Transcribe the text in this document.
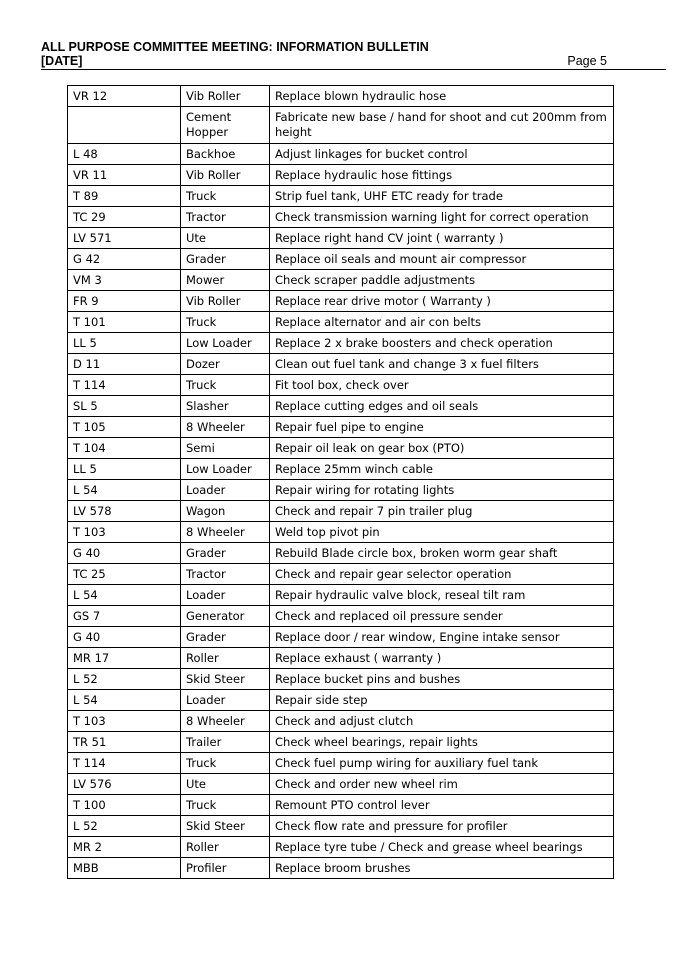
ALL PURPOSE COMMITTEE MEETING: INFORMATION BULLETIN
[DATE]	Page 5
VR 12	Vib Roller	Replace blown hydraulic hose
	Cement Hopper	Fabricate new base / hand for shoot and cut 200mm from height
L 48	Backhoe	Adjust linkages for bucket control
VR 11	Vib Roller	Replace hydraulic hose fittings
T 89	Truck	Strip fuel tank, UHF ETC ready for trade
TC 29	Tractor	Check transmission warning light for correct operation
LV 571	Ute	Replace right hand CV joint ( warranty )
G 42	Grader	Replace oil seals and mount air compressor
VM 3	Mower	Check scraper paddle adjustments
FR 9	Vib Roller	Replace rear drive motor ( Warranty )
T 101	Truck	Replace alternator and air con belts
LL 5	Low Loader	Replace 2 x brake boosters and check operation
D 11	Dozer	Clean out fuel tank and change 3 x fuel filters
T 114	Truck	Fit tool box, check over
SL 5	Slasher	Replace cutting edges and oil seals
T 105	8 Wheeler	Repair fuel pipe to engine
T 104	Semi	Repair oil leak on gear box (PTO)
LL 5	Low Loader	Replace 25mm winch cable
L 54	Loader	Repair wiring for rotating lights
LV 578	Wagon	Check and repair 7 pin trailer plug
T 103	8 Wheeler	Weld top pivot pin
G 40	Grader	Rebuild Blade circle box, broken worm gear shaft
TC 25	Tractor	Check and repair gear selector operation
L 54	Loader	Repair hydraulic valve block, reseal tilt ram
GS 7	Generator	Check and replaced oil pressure sender
G 40	Grader	Replace door / rear window, Engine intake sensor
MR 17	Roller	Replace exhaust ( warranty )
L 52	Skid Steer	Replace bucket pins and bushes
L 54	Loader	Repair side step
T 103	8 Wheeler	Check and adjust clutch
TR 51	Trailer	Check wheel bearings, repair lights
T 114	Truck	Check fuel pump wiring for auxiliary fuel tank
LV 576	Ute	Check and order new wheel rim
T 100	Truck	Remount PTO control lever
L 52	Skid Steer	Check flow rate and pressure for profiler
MR 2	Roller	Replace tyre tube / Check and grease wheel bearings
MBB	Profiler	Replace broom brushes
